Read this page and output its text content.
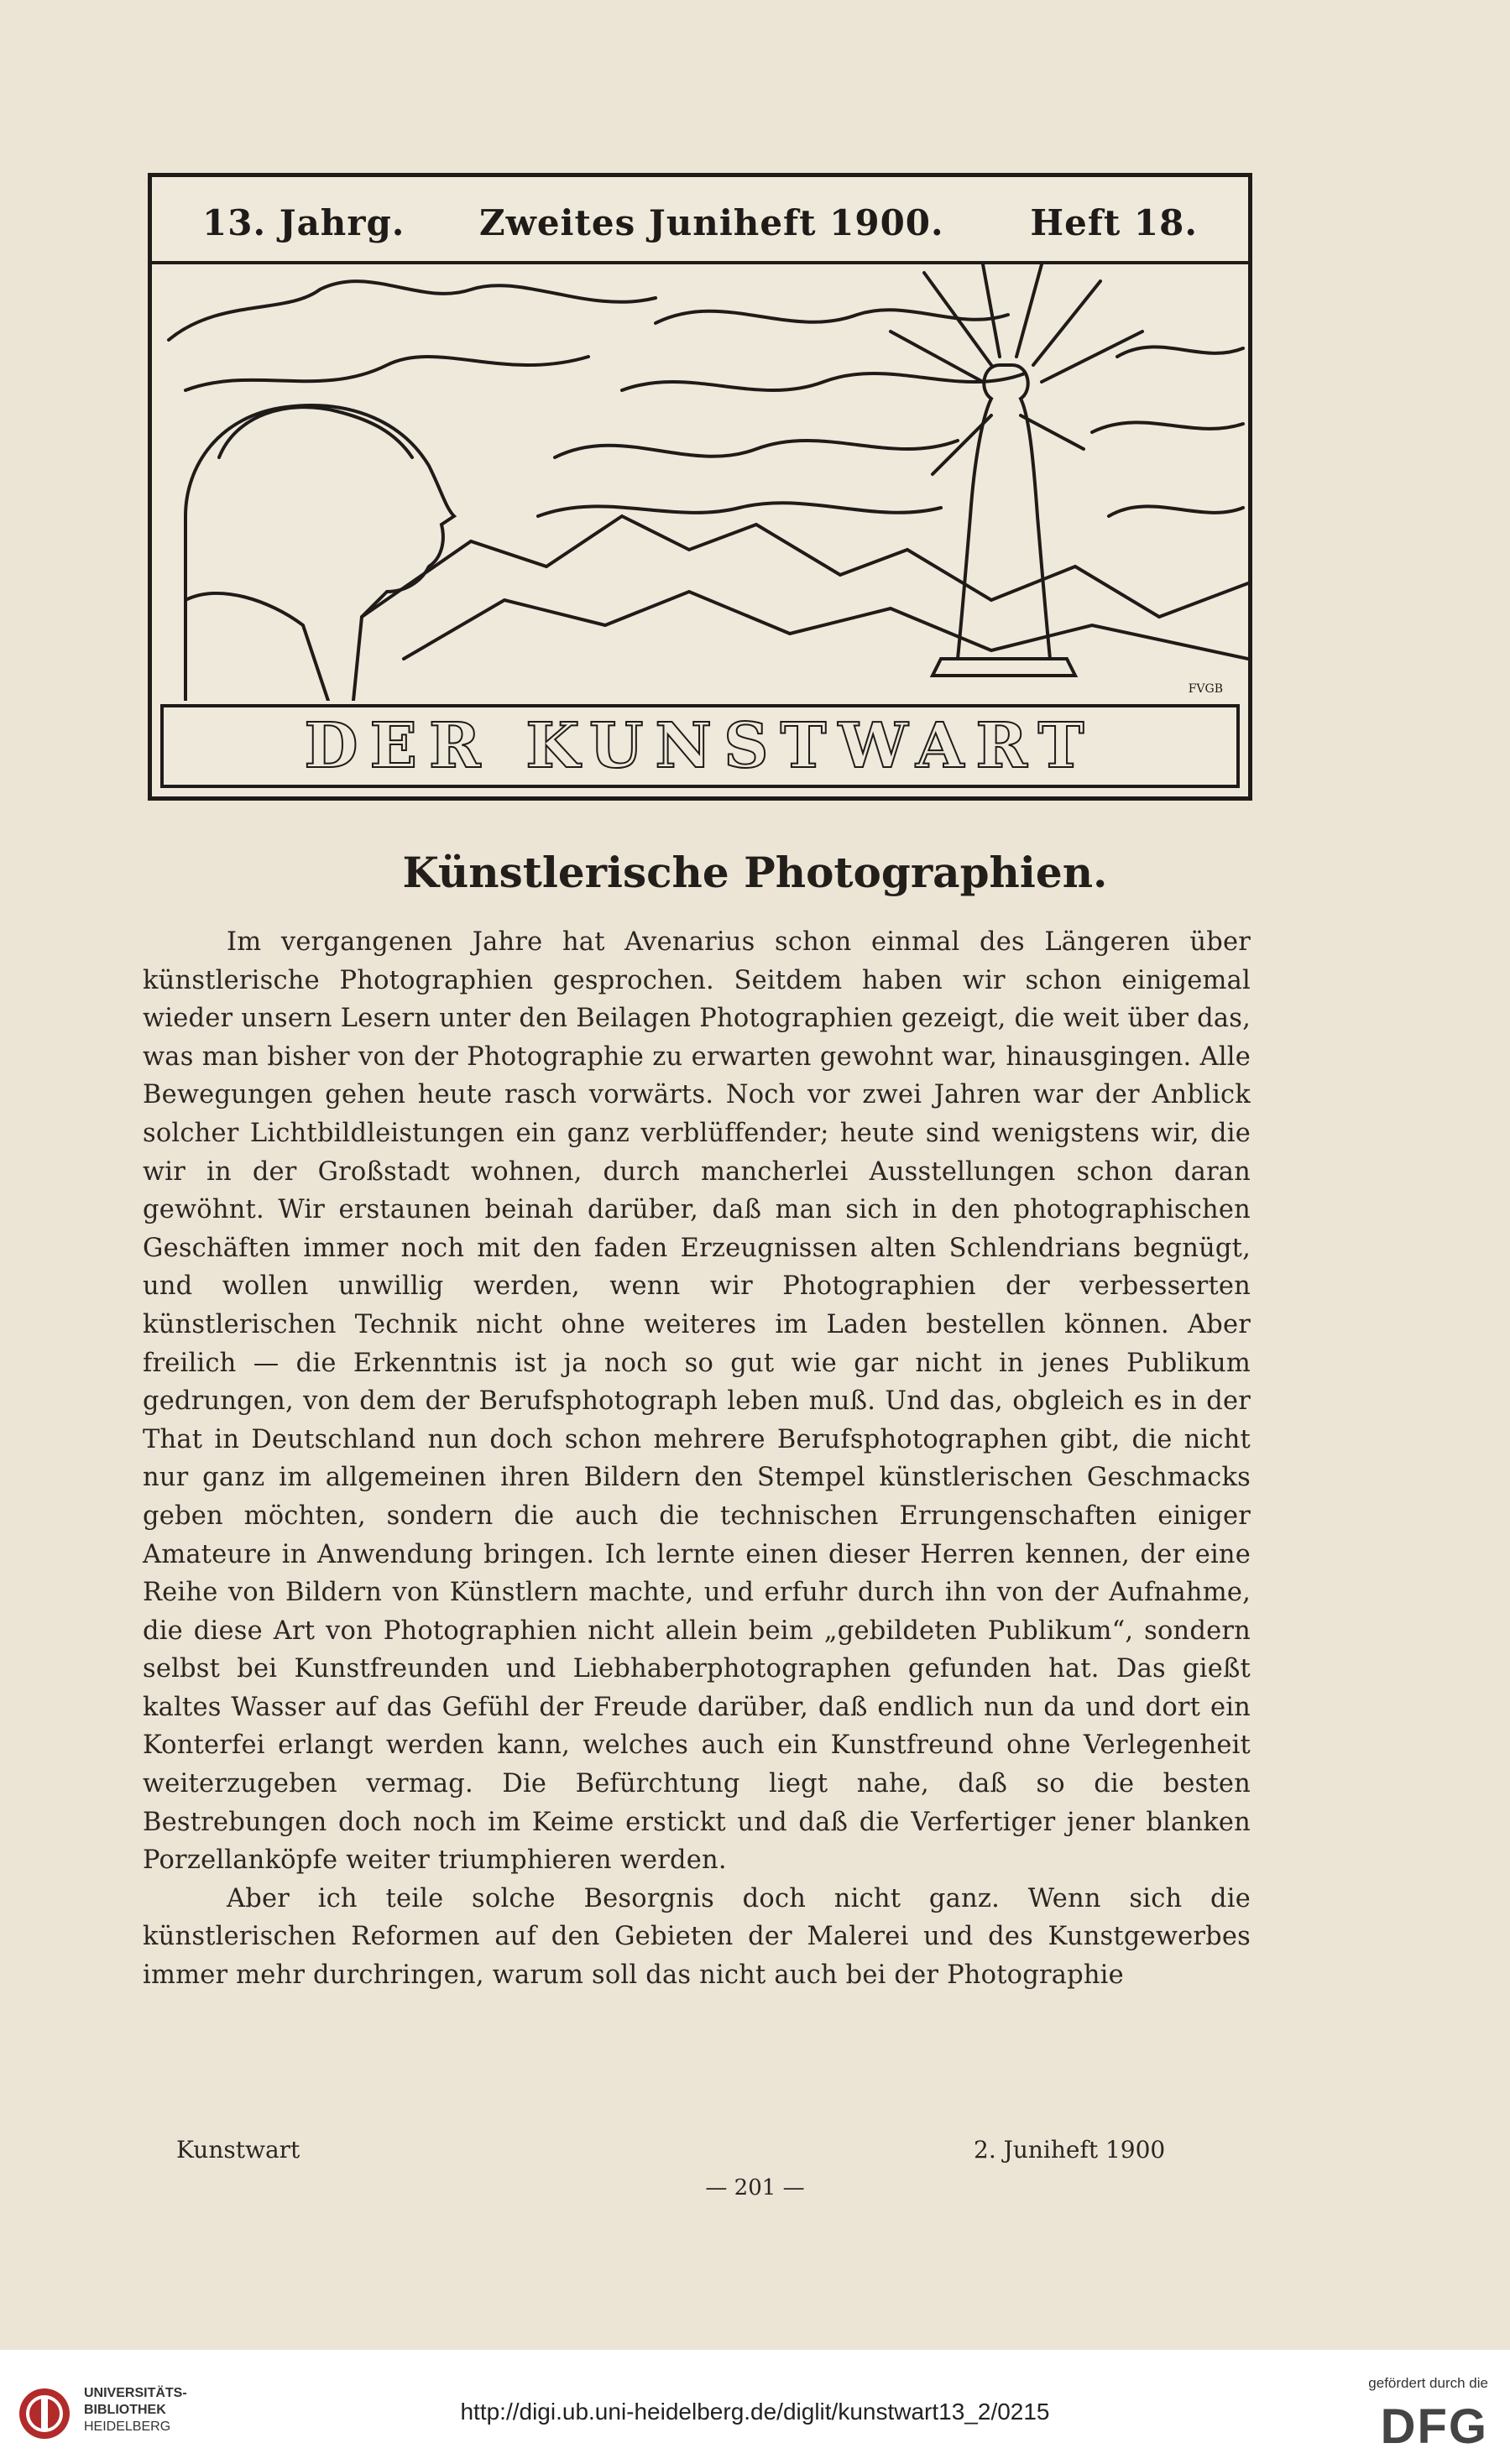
13. Jahrg. Zweites Juniheft 1900. Heft 18.
FVGB
DER KUNSTWART
Künstlerische Photographien.

Im vergangenen Jahre hat Avenarius schon einmal des Längeren über künstlerische Photographien gesprochen. Seitdem haben wir schon einigemal wieder unsern Lesern unter den Beilagen Photographien gezeigt, die weit über das, was man bisher von der Photographie zu erwarten gewohnt war, hinausgingen. Alle Bewegungen gehen heute rasch vorwärts. Noch vor zwei Jahren war der Anblick solcher Lichtbildleistungen ein ganz verblüffender; heute sind wenigstens wir, die wir in der Großstadt wohnen, durch mancherlei Ausstellungen schon daran gewöhnt. Wir erstaunen beinah darüber, daß man sich in den photographischen Geschäften immer noch mit den faden Erzeugnissen alten Schlendrians begnügt, und wollen unwillig werden, wenn wir Photographien der verbesserten künstlerischen Technik nicht ohne weiteres im Laden bestellen können. Aber freilich — die Erkenntnis ist ja noch so gut wie gar nicht in jenes Publikum gedrungen, von dem der Berufsphotograph leben muß. Und das, obgleich es in der That in Deutschland nun doch schon mehrere Berufsphotographen gibt, die nicht nur ganz im allgemeinen ihren Bildern den Stempel künstlerischen Geschmacks geben möchten, sondern die auch die technischen Errungenschaften einiger Amateure in Anwendung bringen. Ich lernte einen dieser Herren kennen, der eine Reihe von Bildern von Künstlern machte, und erfuhr durch ihn von der Aufnahme, die diese Art von Photographien nicht allein beim „gebildeten Publikum“, sondern selbst bei Kunstfreunden und Liebhaberphotographen gefunden hat. Das gießt kaltes Wasser auf das Gefühl der Freude darüber, daß endlich nun da und dort ein Konterfei erlangt werden kann, welches auch ein Kunstfreund ohne Verlegenheit weiterzugeben vermag. Die Befürchtung liegt nahe, daß so die besten Bestrebungen doch noch im Keime erstickt und daß die Verfertiger jener blanken Porzellanköpfe weiter triumphieren werden.

Aber ich teile solche Besorgnis doch nicht ganz. Wenn sich die künstlerischen Reformen auf den Gebieten der Malerei und des Kunstgewerbes immer mehr durchringen, warum soll das nicht auch bei der Photographie

Kunstwart	2. Juniheft 1900
— 201 —
UNIVERSITÄTS-
BIBLIOTHEK
HEIDELBERG
http://digi.ub.uni-heidelberg.de/diglit/kunstwart13_2/0215
gefördert durch die
DFG
